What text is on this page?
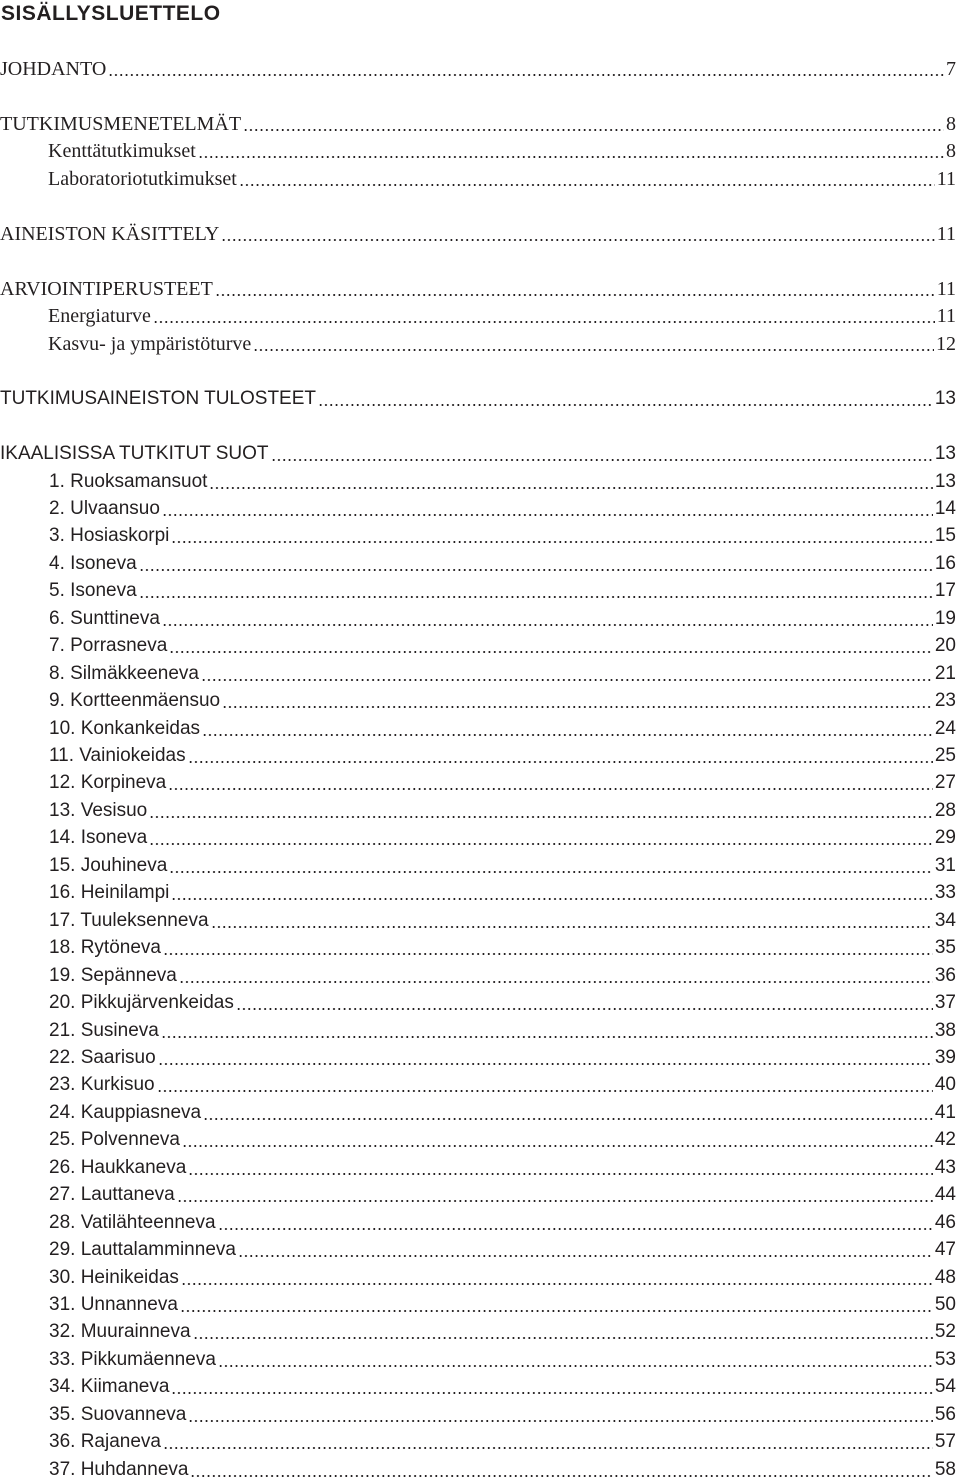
SISÄLLYSLUETTELO
JOHDANTO	7
TUTKIMUSMENETELMÄT	8
Kenttätutkimukset	8
Laboratoriotutkimukset	11
AINEISTON KÄSITTELY	11
ARVIOINTIPERUSTEET	11
Energiaturve	11
Kasvu- ja ympäristöturve	12
TUTKIMUSAINEISTON TULOSTEET	13
IKAALISISSA TUTKITUT SUOT	13
1. Ruoksamansuot	13
2. Ulvaansuo	14
3. Hosiaskorpi	15
4. Isoneva	16
5. Isoneva	17
6. Sunttineva	19
7. Porrasneva	20
8. Silmäkkeeneva	21
9. Kortteenmäensuo	23
10. Konkankeidas	24
11. Vainiokeidas	25
12. Korpineva	27
13. Vesisuo	28
14. Isoneva	29
15. Jouhineva	31
16. Heinilampi	33
17. Tuuleksenneva	34
18. Rytöneva	35
19. Sepänneva	36
20. Pikkujärvenkeidas	37
21. Susineva	38
22. Saarisuo	39
23. Kurkisuo	40
24. Kauppiasneva	41
25. Polvenneva	42
26. Haukkaneva	43
27. Lauttaneva	44
28. Vatilähteenneva	46
29. Lauttalamminneva	47
30. Heinikeidas	48
31. Unnanneva	50
32. Muurainneva	52
33. Pikkumäenneva	53
34. Kiimaneva	54
35. Suovanneva	56
36. Rajaneva	57
37. Huhdanneva	58
